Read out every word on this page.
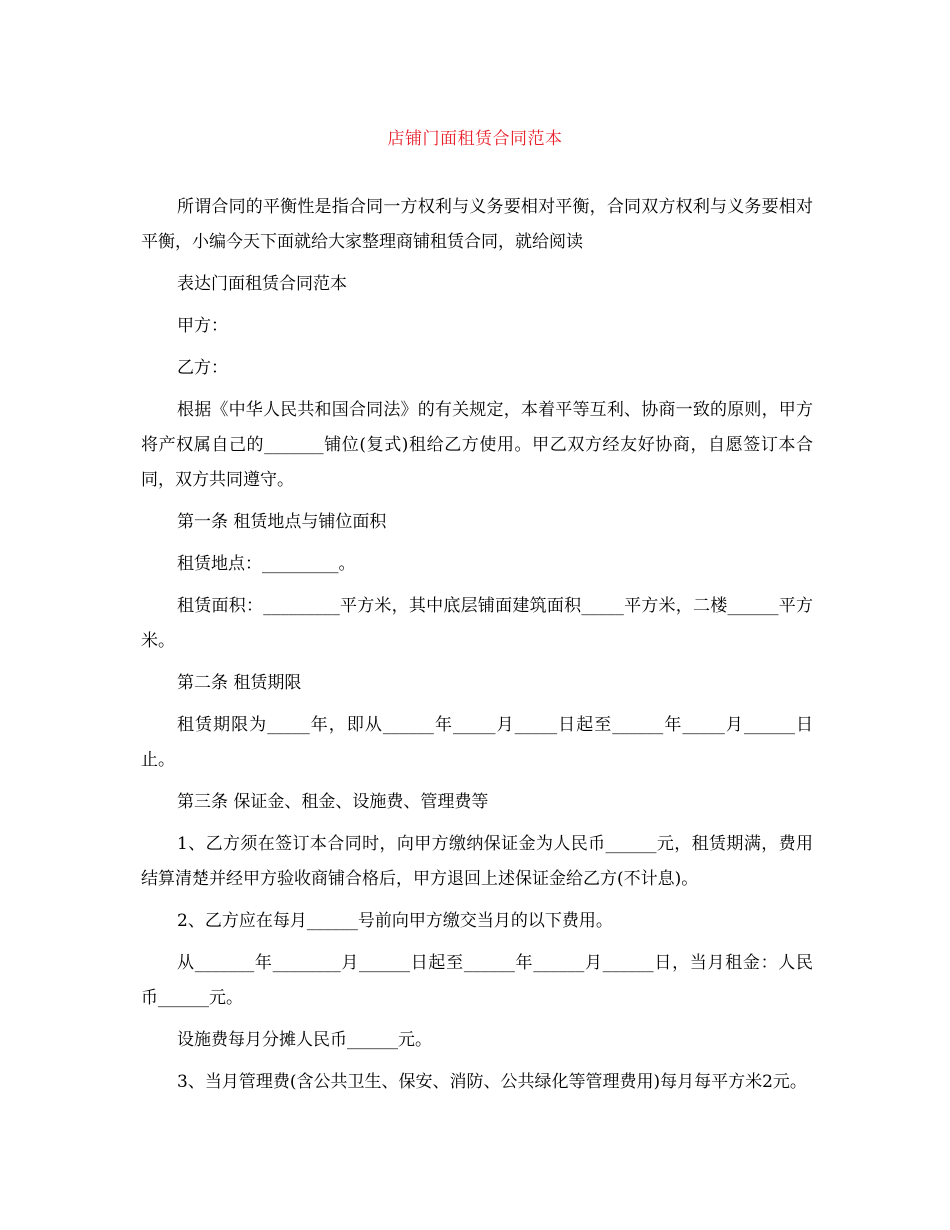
店铺门面租赁合同范本

所谓合同的平衡性是指合同一方权利与义务要相对平衡，合同双方权利与义务要相对平衡，小编今天下面就给大家整理商铺租赁合同，就给阅读

表达门面租赁合同范本

甲方：

乙方：

根据《中华人民共和国合同法》的有关规定，本着平等互利、协商一致的原则，甲方将产权属自己的_______铺位(复式)租给乙方使用。甲乙双方经友好协商，自愿签订本合同，双方共同遵守。

第一条 租赁地点与铺位面积

租赁地点：_________。

租赁面积：_________平方米，其中底层铺面建筑面积_____平方米，二楼______平方米。

第二条 租赁期限

租赁期限为_____年，即从______年_____月_____日起至______年_____月______日止。

第三条 保证金、租金、设施费、管理费等

1、乙方须在签订本合同时，向甲方缴纳保证金为人民币______元，租赁期满，费用结算清楚并经甲方验收商铺合格后，甲方退回上述保证金给乙方(不计息)。

2、乙方应在每月______号前向甲方缴交当月的以下费用。

从_______年________月______日起至______年______月______日，当月租金：人民币______元。

设施费每月分摊人民币______元。

3、当月管理费(含公共卫生、保安、消防、公共绿化等管理费用)每月每平方米2元。
